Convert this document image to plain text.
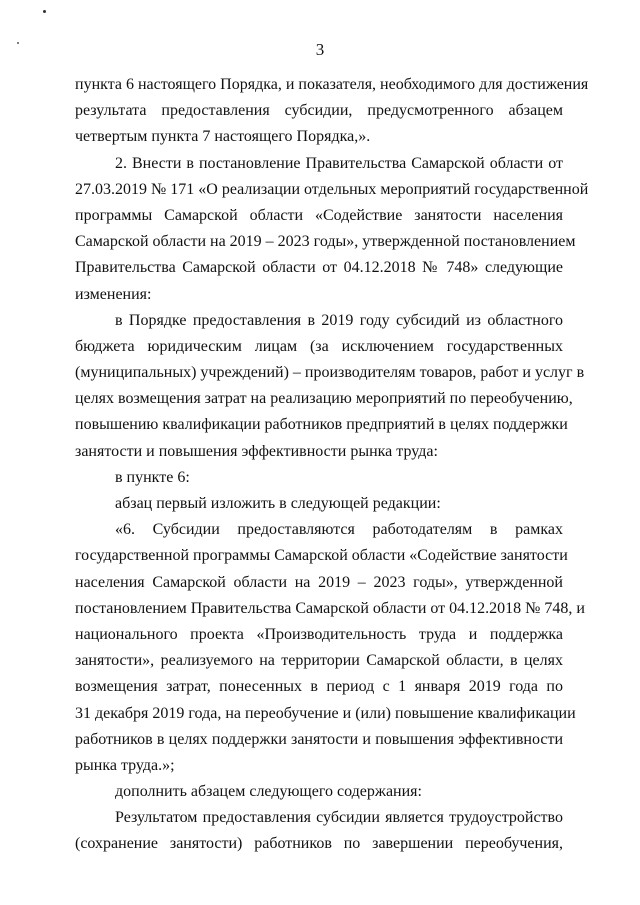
3
пункта 6 настоящего Порядка, и показателя, необходимого для достижения
результата предоставления субсидии, предусмотренного абзацем
четвертым пункта 7 настоящего Порядка,».
2. Внести в постановление Правительства Самарской области от
27.03.2019 № 171 «О реализации отдельных мероприятий государственной
программы Самарской области «Содействие занятости населения
Самарской области на 2019 – 2023 годы», утвержденной постановлением
Правительства Самарской области от 04.12.2018 № 748» следующие
изменения:
в Порядке предоставления в 2019 году субсидий из областного
бюджета юридическим лицам (за исключением государственных
(муниципальных) учреждений) – производителям товаров, работ и услуг в
целях возмещения затрат на реализацию мероприятий по переобучению,
повышению квалификации работников предприятий в целях поддержки
занятости и повышения эффективности рынка труда:
в пункте 6:
абзац первый изложить в следующей редакции:
«6. Субсидии предоставляются работодателям в рамках
государственной программы Самарской области «Содействие занятости
населения Самарской области на 2019 – 2023 годы», утвержденной
постановлением Правительства Самарской области от 04.12.2018 № 748, и
национального проекта «Производительность труда и поддержка
занятости», реализуемого на территории Самарской области, в целях
возмещения затрат, понесенных в период с 1 января 2019 года по
31 декабря 2019 года, на переобучение и (или) повышение квалификации
работников в целях поддержки занятости и повышения эффективности
рынка труда.»;
дополнить абзацем следующего содержания:
Результатом предоставления субсидии является трудоустройство
(сохранение занятости) работников по завершении переобучения,
